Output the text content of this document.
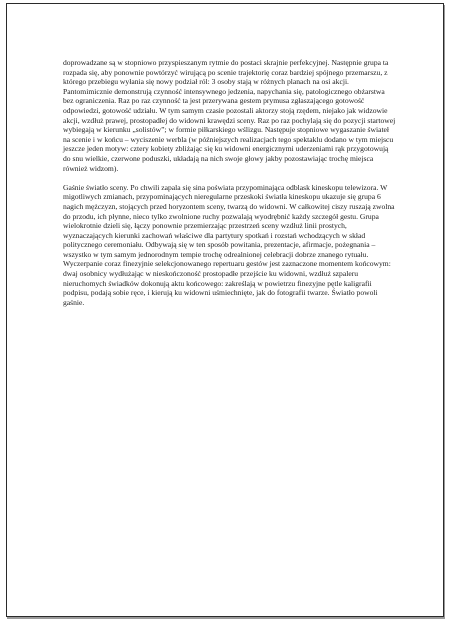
doprowadzane są w stopniowo przyspieszanym rytmie do postaci skrajnie perfekcyjnej. Następnie grupa ta rozpada się, aby ponownie powtórzyć wirującą po scenie trajektorię coraz bardziej spójnego przemarszu, z którego przebiegu wyłania się nowy podział ról: 3 osoby stają w różnych planach na osi akcji. Pantomimicznie demonstrują czynność intensywnego jedzenia, napychania się, patologicznego obżarstwa bez ograniczenia. Raz po raz czynność ta jest przerywana gestem prymusa zgłaszającego gotowość odpowiedzi, gotowość udziału. W tym samym czasie pozostali aktorzy stoją rzędem, niejako jak widzowie akcji, wzdłuż prawej, prostopadłej do widowni krawędzi sceny. Raz po raz pochylają się do pozycji startowej wybiegają w kierunku „solistów”; w formie piłkarskiego wślizgu. Następuje stopniowe wygaszanie świateł na scenie i w końcu – wyciszenie werbla (w późniejszych realizacjach tego spektaklu dodano w tym miejscu jeszcze jeden motyw: cztery kobiety zbliżając się ku widowni energicznymi uderzeniami rąk przygotowują do snu wielkie, czerwone poduszki, układają na nich swoje głowy jakby pozostawiając trochę miejsca również widzom).

Gaśnie światło sceny. Po chwili zapala się sina poświata przypominająca odblask kineskopu telewizora. W migotliwych zmianach, przypominających nieregularne przeskoki światła kineskopu ukazuje się grupa 6 nagich mężczyzn, stojących przed horyzontem sceny, twarzą do widowni. W całkowitej ciszy ruszają zwolna do przodu, ich płynne, nieco tylko zwolnione ruchy pozwalają wyodrębnić każdy szczegół gestu. Grupa wielokrotnie dzieli się, łączy ponownie przemierzając przestrzeń sceny wzdłuż linii prostych, wyznaczających kierunki zachowań właściwe dla partytury spotkań i rozstań wchodzących w skład politycznego ceremoniału. Odbywają się w ten sposób powitania, prezentacje, afirmacje, pożegnania – wszystko w tym samym jednorodnym tempie trochę odrealnionej celebracji dobrze znanego rytuału. Wyczerpanie coraz finezyjnie selekcjonowanego repertuaru gestów jest zaznaczone momentem końcowym: dwaj osobnicy wydłużając w nieskończoność prostopadłe przejście ku widowni, wzdłuż szpaleru nieruchomych świadków dokonują aktu końcowego: zakreślają w powietrzu finezyjne pętle kaligrafii podpisu, podają sobie ręce, i kierują ku widowni uśmiechnięte, jak do fotografii twarze. Światło powoli gaśnie.
